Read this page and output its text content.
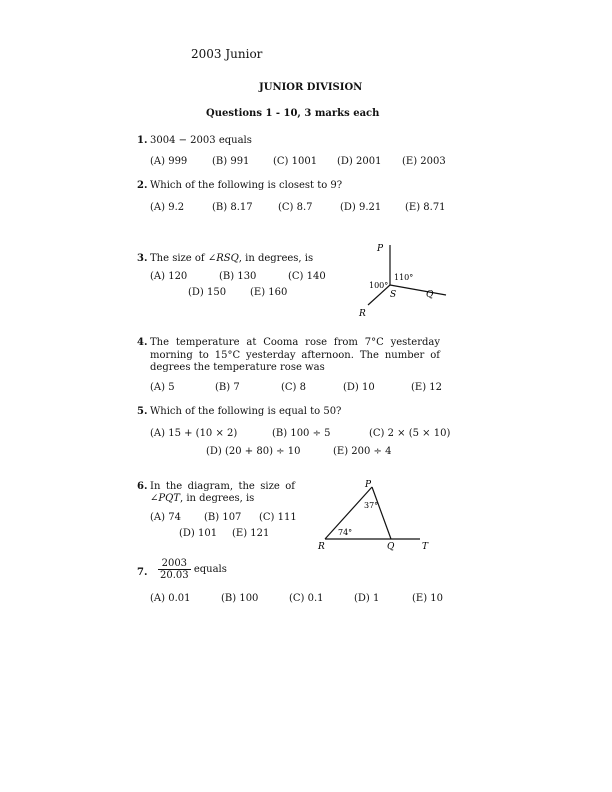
2003 Junior
JUNIOR DIVISION
Questions 1 - 10, 3 marks each
1. 3004 − 2003 equals
(A) 999 (B) 991 (C) 1001 (D) 2001 (E) 2003
2. Which of the following is closest to 9?
(A) 9.2	(B) 8.17	(C) 8.7	(D) 9.21 (E) 8.71
3. The size of ∠RSQ, in degrees, is
(A) 120	(B) 130	(C) 140
(D) 150 (E) 160
P
Q
R
S
100°
110°
4. The temperature at Cooma rose from 7°C yesterday morning to 15°C yesterday afternoon. The number of degrees the temperature rose was
(A) 5	(B) 7	(C) 8	(D) 10	(E) 12
5. Which of the following is equal to 50?
(A) 15 + (10 × 2)	(B) 100 ÷ 5	(C) 2 × (5 × 10)
(D) (20 + 80) ÷ 10	(E) 200 ÷ 4
6. In the diagram, the size of
∠PQT, in degrees, is
(A) 74 (B) 107 (C) 111
(D) 101 (E) 121
P
R	Q	T
37°
74°
7. $\frac{2003}{20.03}$ equals
(A) 0.01	(B) 100	(C) 0.1	(D) 1	(E) 10
